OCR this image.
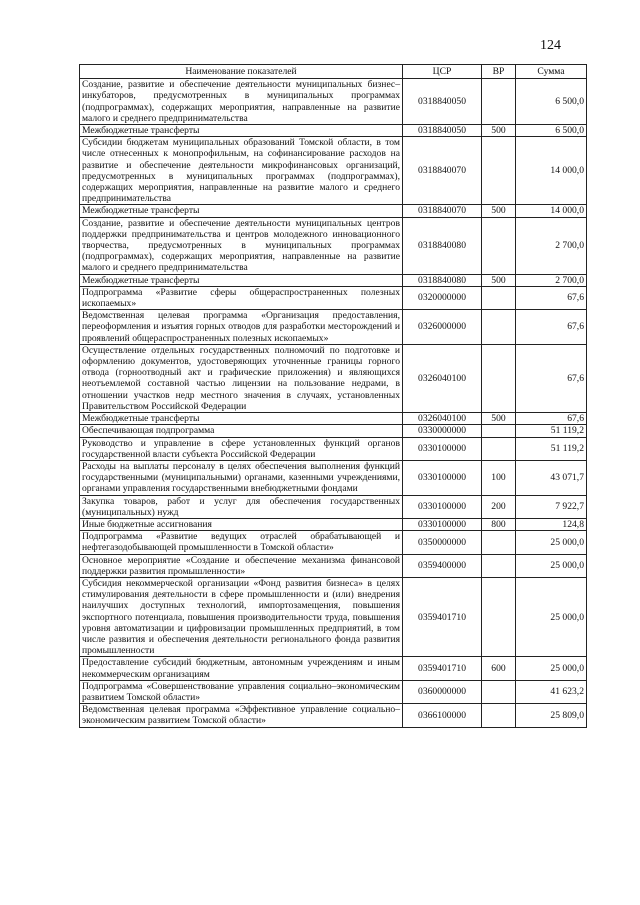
124
Наименование показателей	ЦСР	ВР	Сумма
Создание, развитие и обеспечение деятельности муниципальных бизнес–инкубаторов, предусмотренных в муниципальных программах (подпрограммах), содержащих мероприятия, направленные на развитие малого и среднего предпринимательства	0318840050		6 500,0
Межбюджетные трансферты	0318840050	500	6 500,0
Субсидии бюджетам муниципальных образований Томской области, в том числе отнесенных к монопрофильным, на софинансирование расходов на развитие и обеспечение деятельности микрофинансовых организаций, предусмотренных в муниципальных программах (подпрограммах), содержащих мероприятия, направленные на развитие малого и среднего предпринимательства	0318840070		14 000,0
Межбюджетные трансферты	0318840070	500	14 000,0
Создание, развитие и обеспечение деятельности муниципальных центров поддержки предпринимательства и центров молодежного инновационного творчества, предусмотренных в муниципальных программах (подпрограммах), содержащих мероприятия, направленные на развитие малого и среднего предпринимательства	0318840080		2 700,0
Межбюджетные трансферты	0318840080	500	2 700,0
Подпрограмма «Развитие сферы общераспространенных полезных ископаемых»	0320000000		67,6
Ведомственная целевая программа «Организация предоставления, переоформления и изъятия горных отводов для разработки месторождений и проявлений общераспространенных полезных ископаемых»	0326000000		67,6
Осуществление отдельных государственных полномочий по подготовке и оформлению документов, удостоверяющих уточненные границы горного отвода (горноотводный акт и графические приложения) и являющихся неотъемлемой составной частью лицензии на пользование недрами, в отношении участков недр местного значения в случаях, установленных Правительством Российской Федерации	0326040100		67,6
Межбюджетные трансферты	0326040100	500	67,6
Обеспечивающая подпрограмма	0330000000		51 119,2
Руководство и управление в сфере установленных функций органов государственной власти субъекта Российской Федерации	0330100000		51 119,2
Расходы на выплаты персоналу в целях обеспечения выполнения функций государственными (муниципальными) органами, казенными учреждениями, органами управления государственными внебюджетными фондами	0330100000	100	43 071,7
Закупка товаров, работ и услуг для обеспечения государственных (муниципальных) нужд	0330100000	200	7 922,7
Иные бюджетные ассигнования	0330100000	800	124,8
Подпрограмма «Развитие ведущих отраслей обрабатывающей и нефтегазодобывающей промышленности в Томской области»	0350000000		25 000,0
Основное мероприятие «Создание и обеспечение механизма финансовой поддержки развития промышленности»	0359400000		25 000,0
Субсидия некоммерческой организации «Фонд развития бизнеса» в целях стимулирования деятельности в сфере промышленности и (или) внедрения наилучших доступных технологий, импортозамещения, повышения экспортного потенциала, повышения производительности труда, повышения уровня автоматизации и цифровизации промышленных предприятий, в том числе развития и обеспечения деятельности регионального фонда развития промышленности	0359401710		25 000,0
Предоставление субсидий бюджетным, автономным учреждениям и иным некоммерческим организациям	0359401710	600	25 000,0
Подпрограмма «Совершенствование управления социально–экономическим развитием Томской области»	0360000000		41 623,2
Ведомственная целевая программа «Эффективное управление социально–экономическим развитием Томской области»	0366100000		25 809,0
